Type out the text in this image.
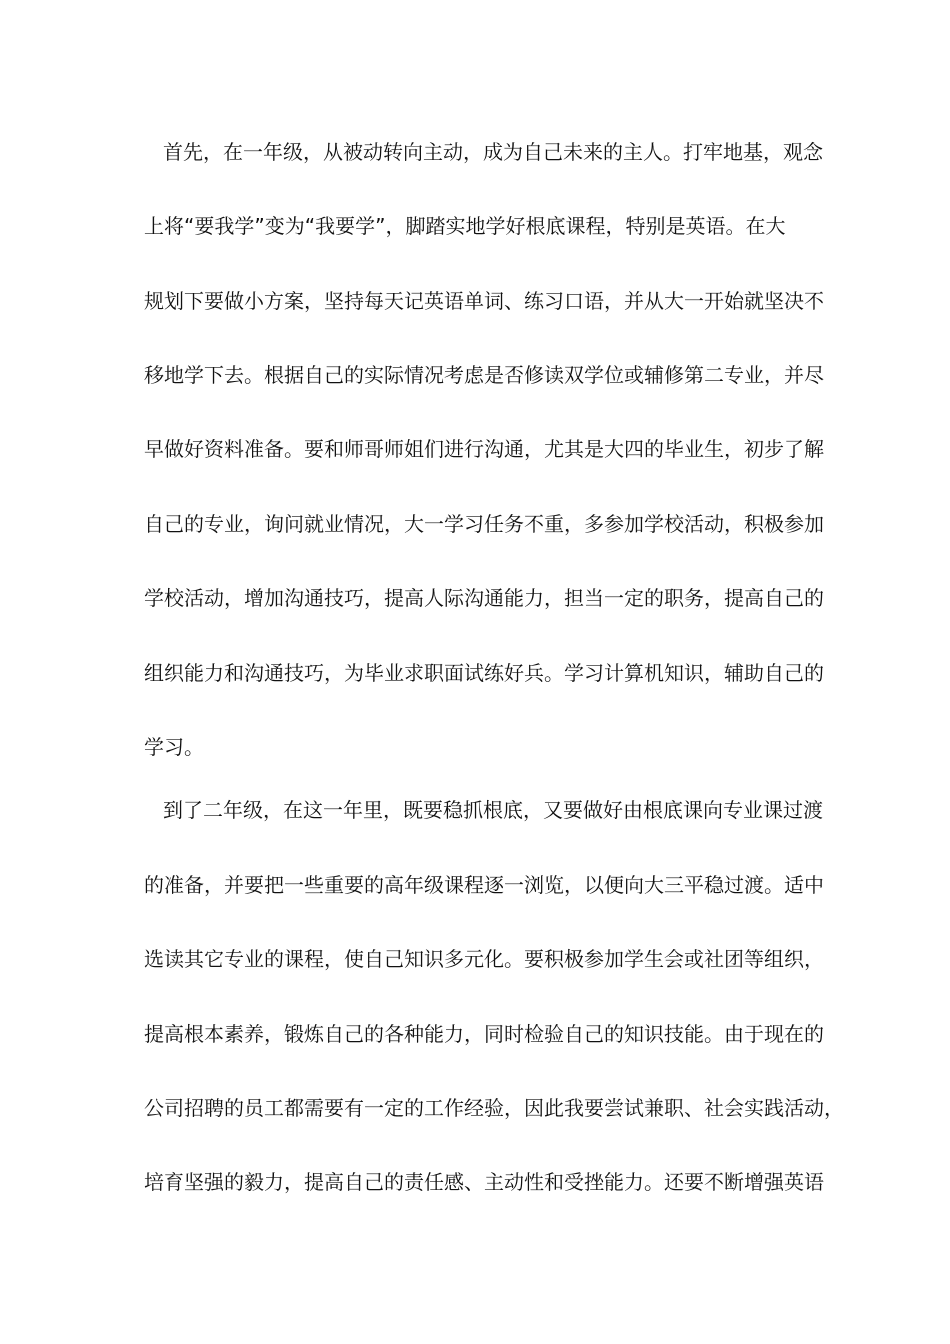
首先，在一年级，从被动转向主动，成为自己未来的主人。打牢地基，观念
上将“要我学”变为“我要学”，脚踏实地学好根底课程，特别是英语。在大
规划下要做小方案，坚持每天记英语单词、练习口语，并从大一开始就坚决不
移地学下去。根据自己的实际情况考虑是否修读双学位或辅修第二专业，并尽
早做好资料准备。要和师哥师姐们进行沟通，尤其是大四的毕业生，初步了解
自己的专业，询问就业情况，大一学习任务不重，多参加学校活动，积极参加
学校活动，增加沟通技巧，提高人际沟通能力，担当一定的职务，提高自己的
组织能力和沟通技巧，为毕业求职面试练好兵。学习计算机知识，辅助自己的
学习。
到了二年级，在这一年里，既要稳抓根底，又要做好由根底课向专业课过渡
的准备，并要把一些重要的高年级课程逐一浏览，以便向大三平稳过渡。适中
选读其它专业的课程，使自己知识多元化。要积极参加学生会或社团等组织，
提高根本素养，锻炼自己的各种能力，同时检验自己的知识技能。由于现在的
公司招聘的员工都需要有一定的工作经验，因此我要尝试兼职、社会实践活动，
培育坚强的毅力，提高自己的责任感、主动性和受挫能力。还要不断增强英语
